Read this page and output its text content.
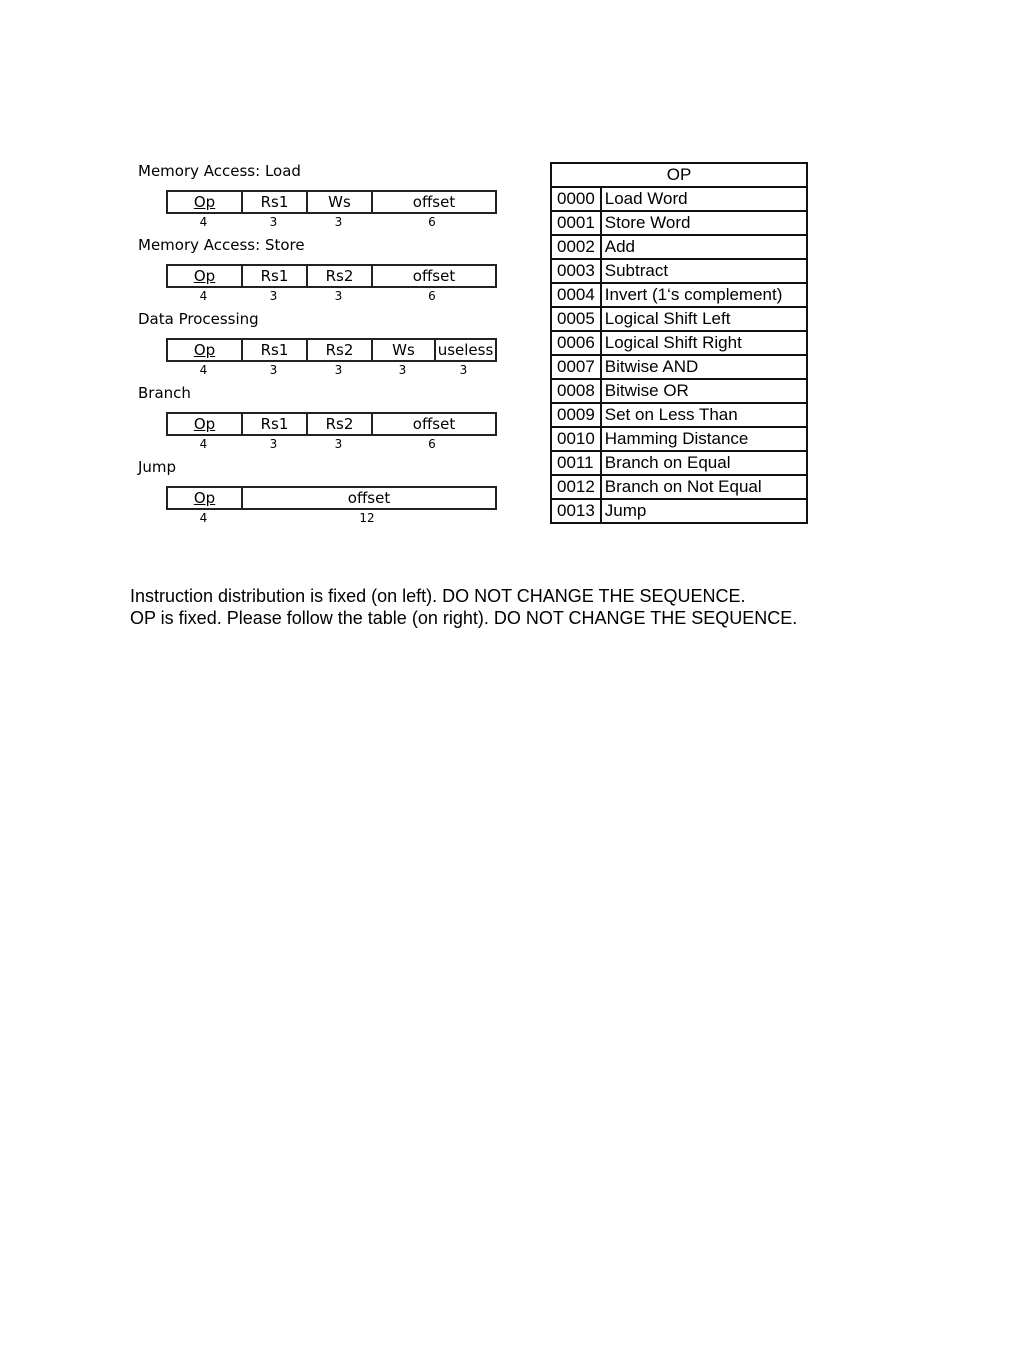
Memory Access: Load
Op	Rs1	Ws	offset
4	3	3	6
Memory Access: Store
Op	Rs1	Rs2	offset
4	3	3	6
Data Processing
Op	Rs1	Rs2	Ws	useless
4	3	3	3	3
Branch
Op	Rs1	Rs2	offset
4	3	3	6
Jump
Op	offset
4	12
OP	
0000	Load Word
0001	Store Word
0002	Add
0003	Subtract
0004	Invert (1‘s complement)
0005	Logical Shift Left
0006	Logical Shift Right
0007	Bitwise AND
0008	Bitwise OR
0009	Set on Less Than
0010	Hamming Distance
0011	Branch on Equal
0012	Branch on Not Equal
0013	Jump
Instruction distribution is fixed (on left). DO NOT CHANGE THE SEQUENCE.
OP is fixed. Please follow the table (on right). DO NOT CHANGE THE SEQUENCE.
